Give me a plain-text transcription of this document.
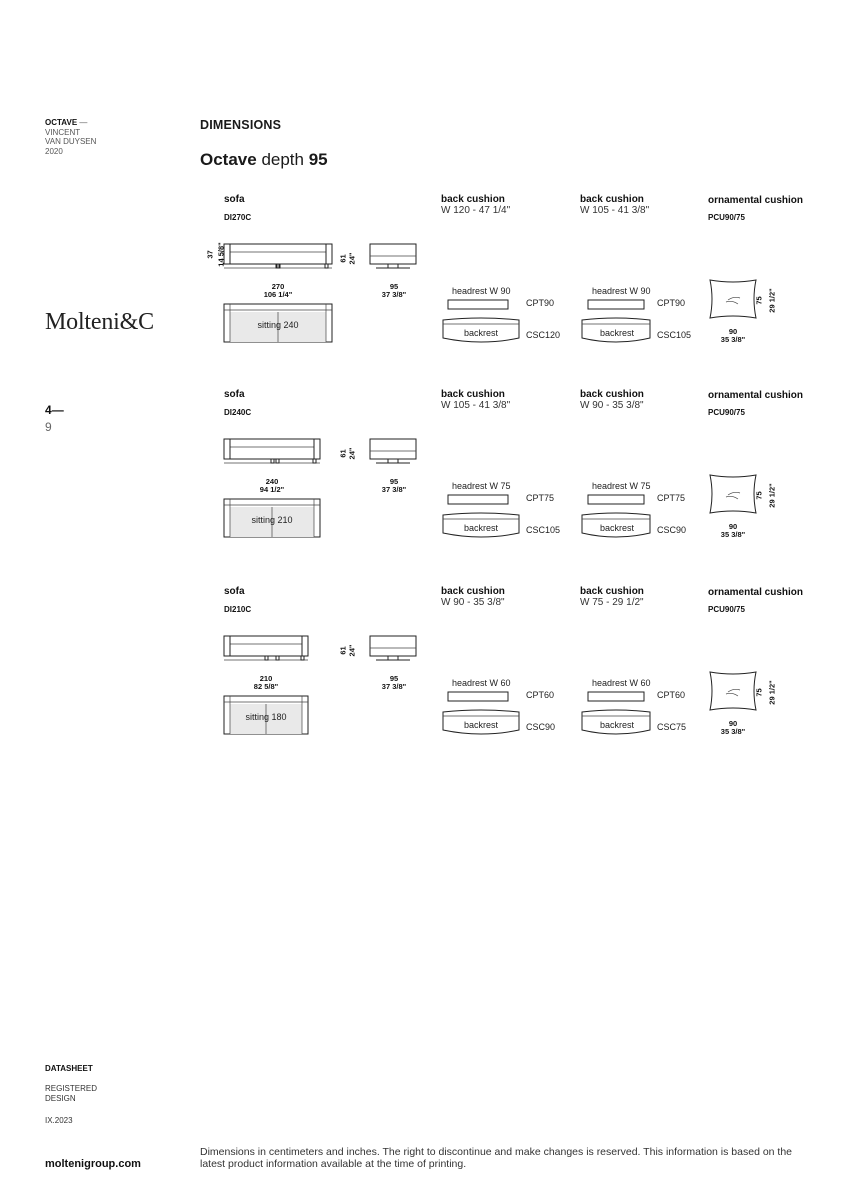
OCTAVE —
VINCENT
VAN DUYSEN
2020
Molteni&C
4—
9
DIMENSIONS
Octave depth 95
sofa
DI270C
37 14 5/8"
270
106 1/4"
61 24"
95
37 3/8"
sitting 240
back cushion
W 120 - 47 1/4"
headrest W 90
CPT90
backrest	CSC120
back cushion
W 105 - 41 3/8"
headrest W 90
CPT90
backrest	CSC105
ornamental cushion
PCU90/75
75 29 1/2"
90
35 3/8"
sofa
DI240C
240
94 1/2"
61 24"
95
37 3/8"
sitting 210
back cushion
W 105 - 41 3/8"
headrest W 75
CPT75
backrest	CSC105
back cushion
W 90 - 35 3/8"
headrest W 75
CPT75
backrest	CSC90
ornamental cushion
PCU90/75
75 29 1/2"
90
35 3/8"
sofa
DI210C
210
82 5/8"
61 24"
95
37 3/8"
sitting 180
back cushion
W 90 - 35 3/8"
headrest W 60
CPT60
backrest	CSC90
back cushion
W 75 - 29 1/2"
headrest W 60
CPT60
backrest	CSC75
ornamental cushion
PCU90/75
75 29 1/2"
90
35 3/8"
DATASHEET
REGISTERED
DESIGN
IX.2023
moltenigroup.com
Dimensions in centimeters and inches. The right to discontinue and make changes is reserved. This information is based on the latest product information available at the time of printing.
